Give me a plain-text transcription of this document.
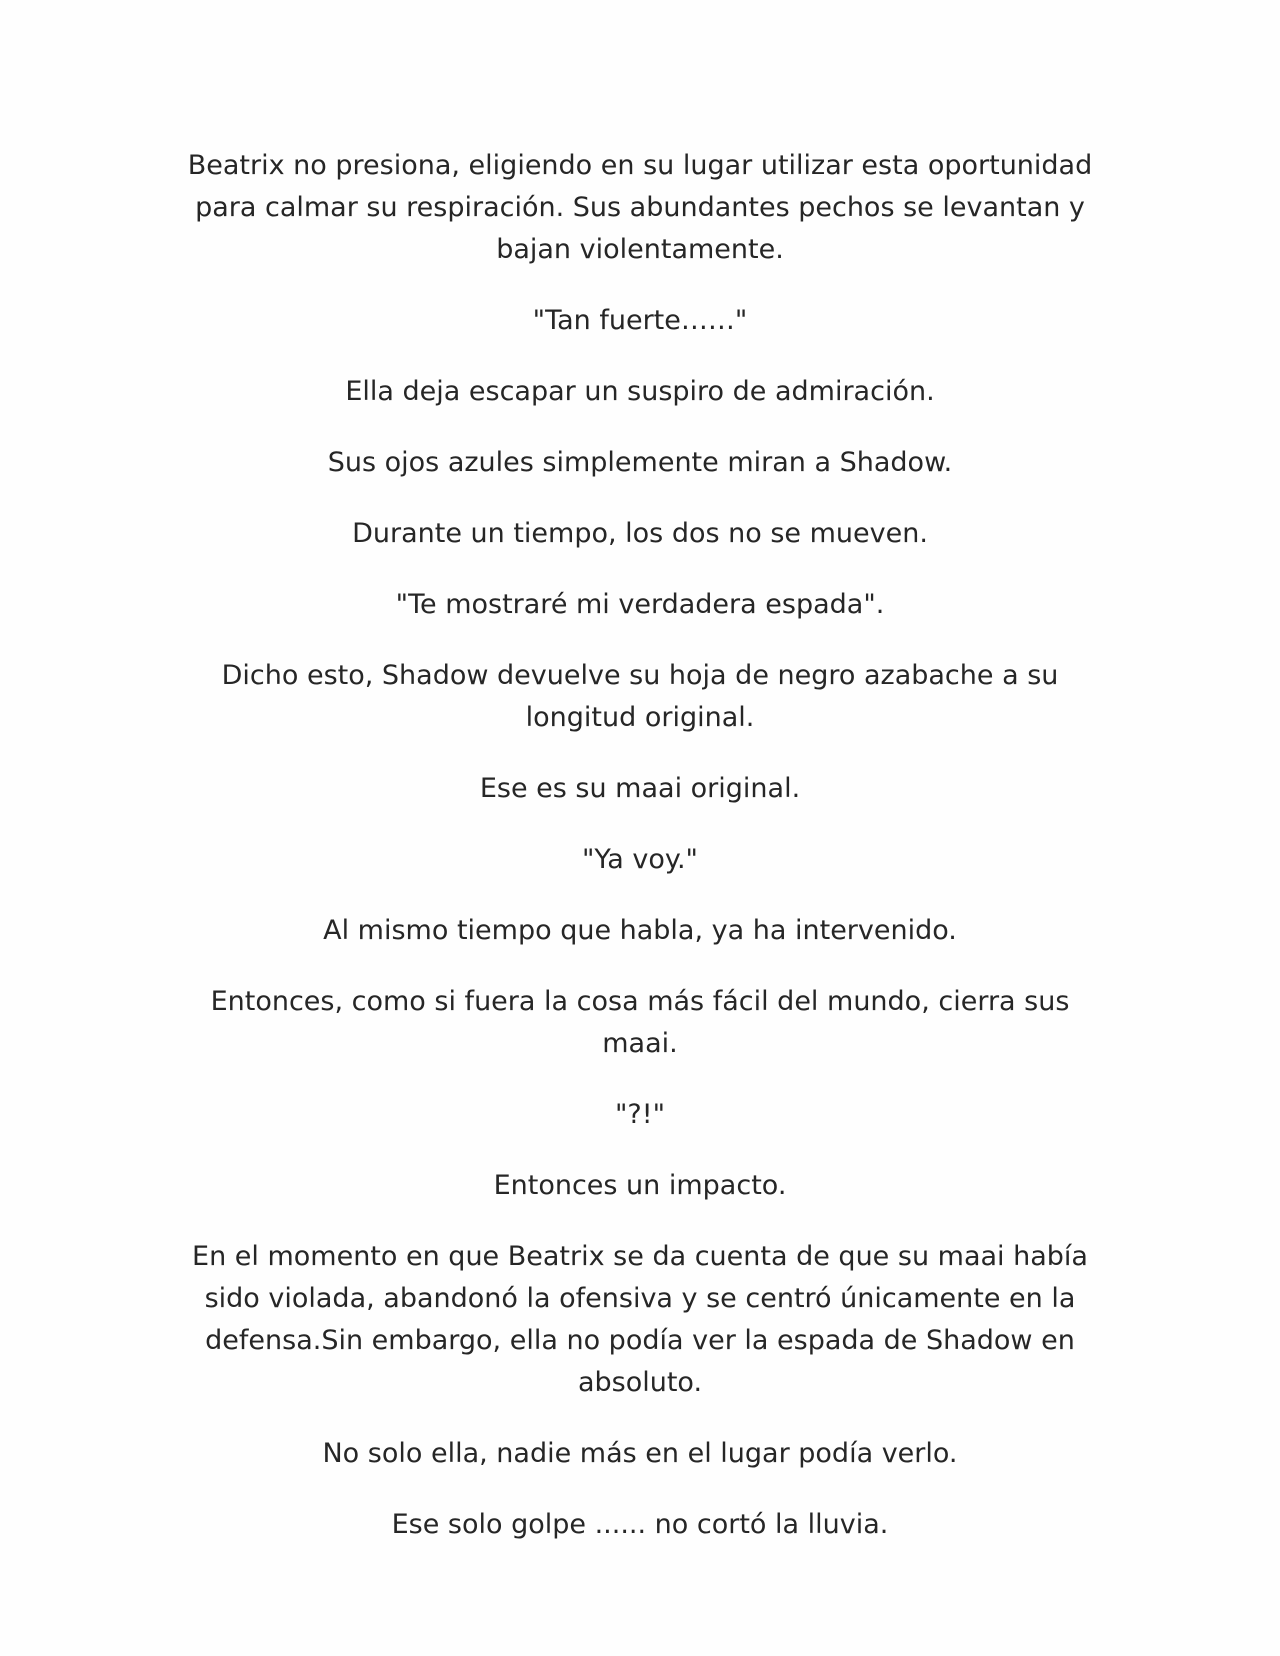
Beatrix no presiona, eligiendo en su lugar utilizar esta oportunidad para calmar su respiración. Sus abundantes pechos se levantan y bajan violentamente.

"Tan fuerte……"

Ella deja escapar un suspiro de admiración.

Sus ojos azules simplemente miran a Shadow.

Durante un tiempo, los dos no se mueven.

"Te mostraré mi verdadera espada".

Dicho esto, Shadow devuelve su hoja de negro azabache a su longitud original.

Ese es su maai original.

"Ya voy."

Al mismo tiempo que habla, ya ha intervenido.

Entonces, como si fuera la cosa más fácil del mundo, cierra sus maai.

"?!"

Entonces un impacto.

En el momento en que Beatrix se da cuenta de que su maai había sido violada, abandonó la ofensiva y se centró únicamente en la defensa.Sin embargo, ella no podía ver la espada de Shadow en absoluto.

No solo ella, nadie más en el lugar podía verlo.

Ese solo golpe ...... no cortó la lluvia.
